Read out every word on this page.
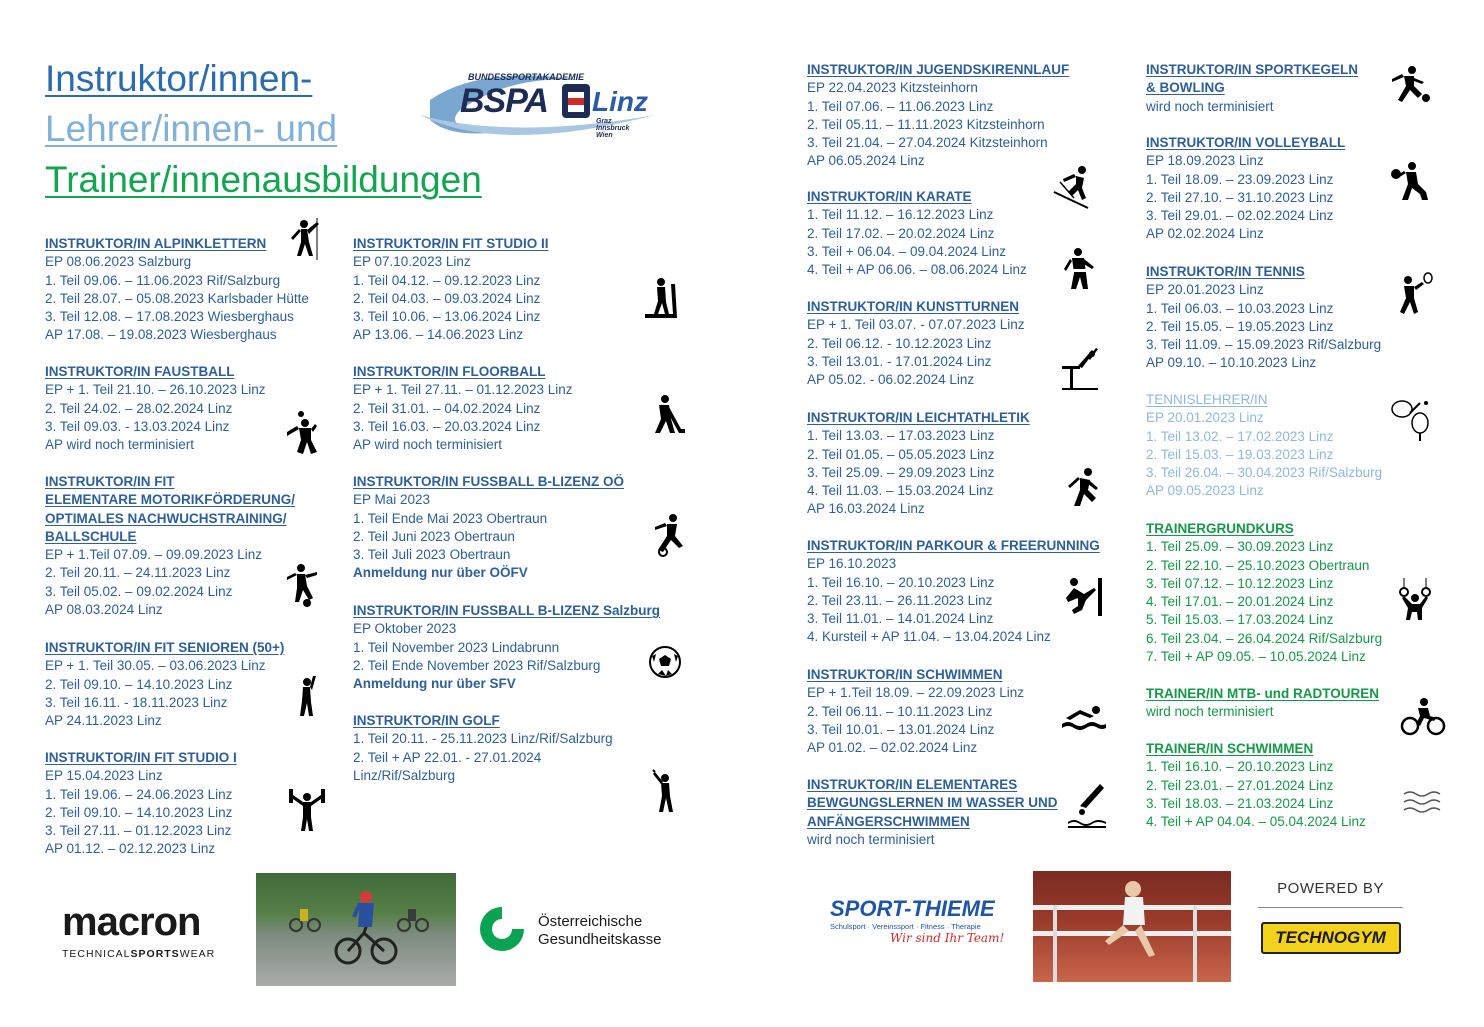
Instruktor/innen-
Lehrer/innen- und
Trainer/innenausbildungen
BUNDESSPORTAKADEMIE
BSPA Linz
Graz
Innsbruck
Wien
INSTRUKTOR/IN ALPINKLETTERN
EP 08.06.2023 Salzburg
1. Teil 09.06. – 11.06.2023 Rif/Salzburg
2. Teil 28.07. – 05.08.2023 Karlsbader Hütte
3. Teil 12.08. – 17.08.2023 Wiesberghaus
AP 17.08. – 19.08.2023 Wiesberghaus
INSTRUKTOR/IN FAUSTBALL
EP + 1. Teil 21.10. – 26.10.2023 Linz
2. Teil 24.02. – 28.02.2024 Linz
3. Teil 09.03. - 13.03.2024 Linz
AP wird noch terminisiert
INSTRUKTOR/IN FIT
ELEMENTARE MOTORIKFÖRDERUNG/
OPTIMALES NACHWUCHSTRAINING/
BALLSCHULE
EP + 1.Teil 07.09. – 09.09.2023 Linz
2. Teil 20.11. – 24.11.2023 Linz
3. Teil 05.02. – 09.02.2024 Linz
AP 08.03.2024 Linz
INSTRUKTOR/IN FIT SENIOREN (50+)
EP + 1. Teil 30.05. – 03.06.2023 Linz
2. Teil 09.10. – 14.10.2023 Linz
3. Teil 16.11. - 18.11.2023 Linz
AP 24.11.2023 Linz
INSTRUKTOR/IN FIT STUDIO I
EP 15.04.2023 Linz
1. Teil 19.06. – 24.06.2023 Linz
2. Teil 09.10. – 14.10.2023 Linz
3. Teil 27.11. – 01.12.2023 Linz
AP 01.12. – 02.12.2023 Linz
INSTRUKTOR/IN FIT STUDIO II
EP 07.10.2023 Linz
1. Teil 04.12. – 09.12.2023 Linz
2. Teil 04.03. – 09.03.2024 Linz
3. Teil 10.06. – 13.06.2024 Linz
AP 13.06. – 14.06.2023 Linz
INSTRUKTOR/IN FLOORBALL
EP + 1. Teil 27.11. – 01.12.2023 Linz
2. Teil 31.01. – 04.02.2024 Linz
3. Teil 16.03. – 20.03.2024 Linz
AP wird noch terminisiert
INSTRUKTOR/IN FUSSBALL B-LIZENZ OÖ
EP Mai 2023
1. Teil Ende Mai 2023 Obertraun
2. Teil Juni 2023 Obertraun
3. Teil Juli 2023 Obertraun
Anmeldung nur über OÖFV
INSTRUKTOR/IN FUSSBALL B-LIZENZ Salzburg
EP Oktober 2023
1. Teil November 2023 Lindabrunn
2. Teil Ende November 2023 Rif/Salzburg
Anmeldung nur über SFV
INSTRUKTOR/IN GOLF
1. Teil 20.11. - 25.11.2023 Linz/Rif/Salzburg
2. Teil + AP 22.01. - 27.01.2024
Linz/Rif/Salzburg
INSTRUKTOR/IN JUGENDSKIRENNLAUF
EP 22.04.2023 Kitzsteinhorn
1. Teil 07.06. – 11.06.2023 Linz
2. Teil 05.11. – 11.11.2023 Kitzsteinhorn
3. Teil 21.04. – 27.04.2024 Kitzsteinhorn
AP 06.05.2024 Linz
INSTRUKTOR/IN KARATE
1. Teil 11.12. – 16.12.2023 Linz
2. Teil 17.02. – 20.02.2024 Linz
3. Teil + 06.04. – 09.04.2024 Linz
4. Teil + AP 06.06. – 08.06.2024 Linz
INSTRUKTOR/IN KUNSTTURNEN
EP + 1. Teil 03.07. - 07.07.2023 Linz
2. Teil 06.12. - 10.12.2023 Linz
3. Teil 13.01. - 17.01.2024 Linz
AP 05.02. - 06.02.2024 Linz
INSTRUKTOR/IN LEICHTATHLETIK
1. Teil 13.03. – 17.03.2023 Linz
2. Teil 01.05. – 05.05.2023 Linz
3. Teil 25.09. – 29.09.2023 Linz
4. Teil 11.03. – 15.03.2024 Linz
AP 16.03.2024 Linz
INSTRUKTOR/IN PARKOUR & FREERUNNING
EP 16.10.2023
1. Teil 16.10. – 20.10.2023 Linz
2. Teil 23.11. – 26.11.2023 Linz
3. Teil 11.01. – 14.01.2024 Linz
4. Kursteil + AP 11.04. – 13.04.2024 Linz
INSTRUKTOR/IN SCHWIMMEN
EP + 1.Teil 18.09. – 22.09.2023 Linz
2. Teil 06.11. – 10.11.2023 Linz
3. Teil 10.01. – 13.01.2024 Linz
AP 01.02. – 02.02.2024 Linz
INSTRUKTOR/IN ELEMENTARES
BEWGUNGSLERNEN IM WASSER UND
ANFÄNGERSCHWIMMEN
wird noch terminisiert
INSTRUKTOR/IN SPORTKEGELN
& BOWLING
wird noch terminisiert
INSTRUKTOR/IN VOLLEYBALL
EP 18.09.2023 Linz
1. Teil 18.09. – 23.09.2023 Linz
2. Teil 27.10. – 31.10.2023 Linz
3. Teil 29.01. – 02.02.2024 Linz
AP 02.02.2024 Linz
INSTRUKTOR/IN TENNIS
EP 20.01.2023 Linz
1. Teil 06.03. – 10.03.2023 Linz
2. Teil 15.05. – 19.05.2023 Linz
3. Teil 11.09. – 15.09.2023 Rif/Salzburg
AP 09.10. – 10.10.2023 Linz
TENNISLEHRER/IN
EP 20.01.2023 Linz
1. Teil 13.02. – 17.02.2023 Linz
2. Teil 15.03. – 19.03.2023 Linz
3. Teil 26.04. – 30.04.2023 Rif/Salzburg
AP 09.05.2023 Linz
TRAINERGRUNDKURS
1. Teil 25.09. – 30.09.2023 Linz
2. Teil 22.10. – 25.10.2023 Obertraun
3. Teil 07.12. – 10.12.2023 Linz
4. Teil 17.01. – 20.01.2024 Linz
5. Teil 15.03. – 17.03.2024 Linz
6. Teil 23.04. – 26.04.2024 Rif/Salzburg
7. Teil + AP 09.05. – 10.05.2024 Linz
TRAINER/IN MTB- und RADTOUREN
wird noch terminisiert
TRAINER/IN SCHWIMMEN
1. Teil 16.10. – 20.10.2023 Linz
2. Teil 23.01. – 27.01.2024 Linz
3. Teil 18.03. – 21.03.2024 Linz
4. Teil + AP 04.04. – 05.04.2024 Linz
macron
TECHNICALSPORTSWEAR
Österreichische
Gesundheitskasse
SPORT-THIEME
Schulsport · Vereinssport · Fitness · Therapie
Wir sind Ihr Team!
POWERED BY
TECHNOGYM
